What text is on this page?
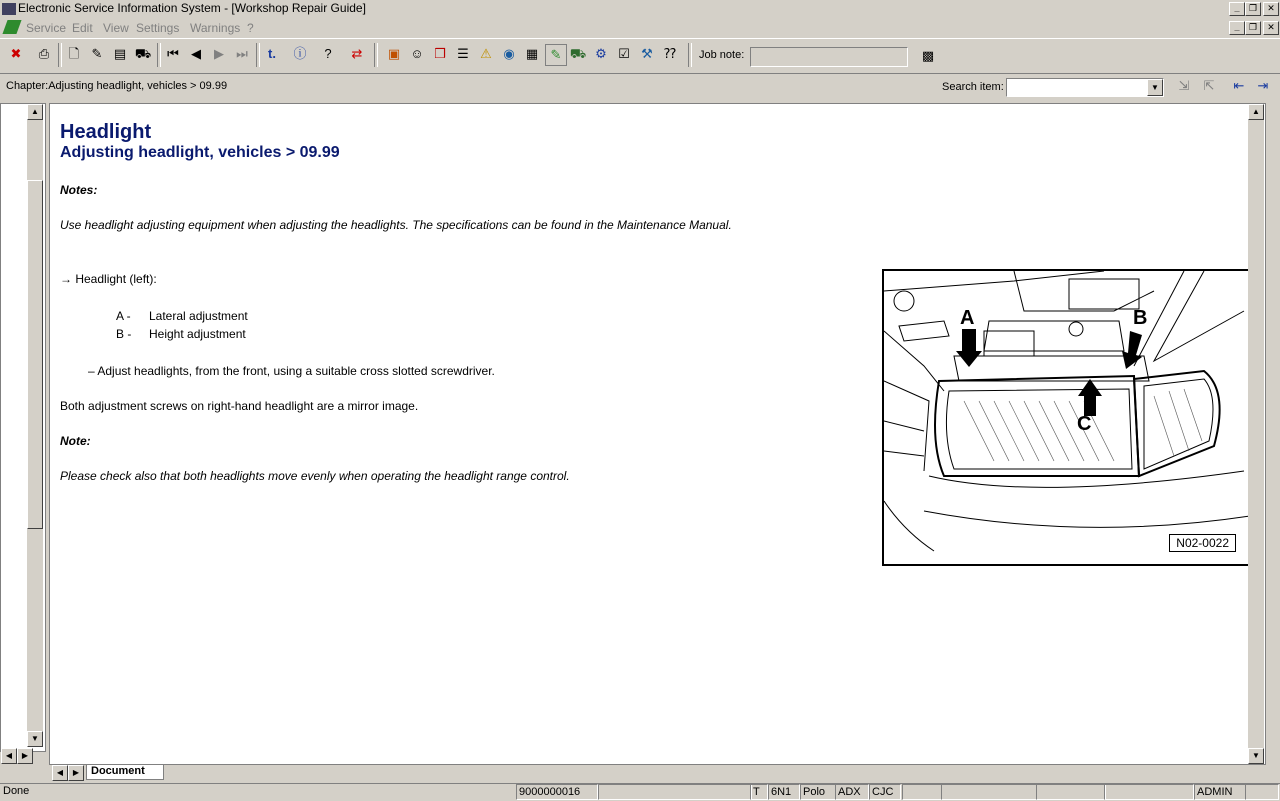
Electronic Service Information System - [Workshop Repair Guide]	_	❐	✕
Service Edit View Settings Warnings ?	_	❐	✕
✖	⎙	🗋 ✎ ▤ ⛟	⏮ ◀	▶ ⏭	t.	ⓘ	?	⇄	▣ ☺ ❒ ☰ ⚠ ◉ ▦ ✎ ⛟ ⚙ ☑ ⚒ ⁇	Job note:	▩
Chapter:Adjusting headlight, vehicles > 09.99	Search item:	▼	⇲	⇱	⇤	⇥
▲
▼
◀	▶
Headlight
Adjusting headlight, vehicles > 09.99
Notes:
Use headlight adjusting equipment when adjusting the headlights. The specifications can be found in the Maintenance Manual.
→ Headlight (left):
A - Lateral adjustment
B - Height adjustment
– Adjust headlights, from the front, using a suitable cross slotted screwdriver.
Both adjustment screws on right-hand headlight are a mirror image.
Note:
Please check also that both headlights move evenly when operating the headlight range control.
A	B
C
N02-0022
▲
▼
◀	▶	Document
Done	9000000016	T	6N1	Polo	ADX	CJC	ADMIN
